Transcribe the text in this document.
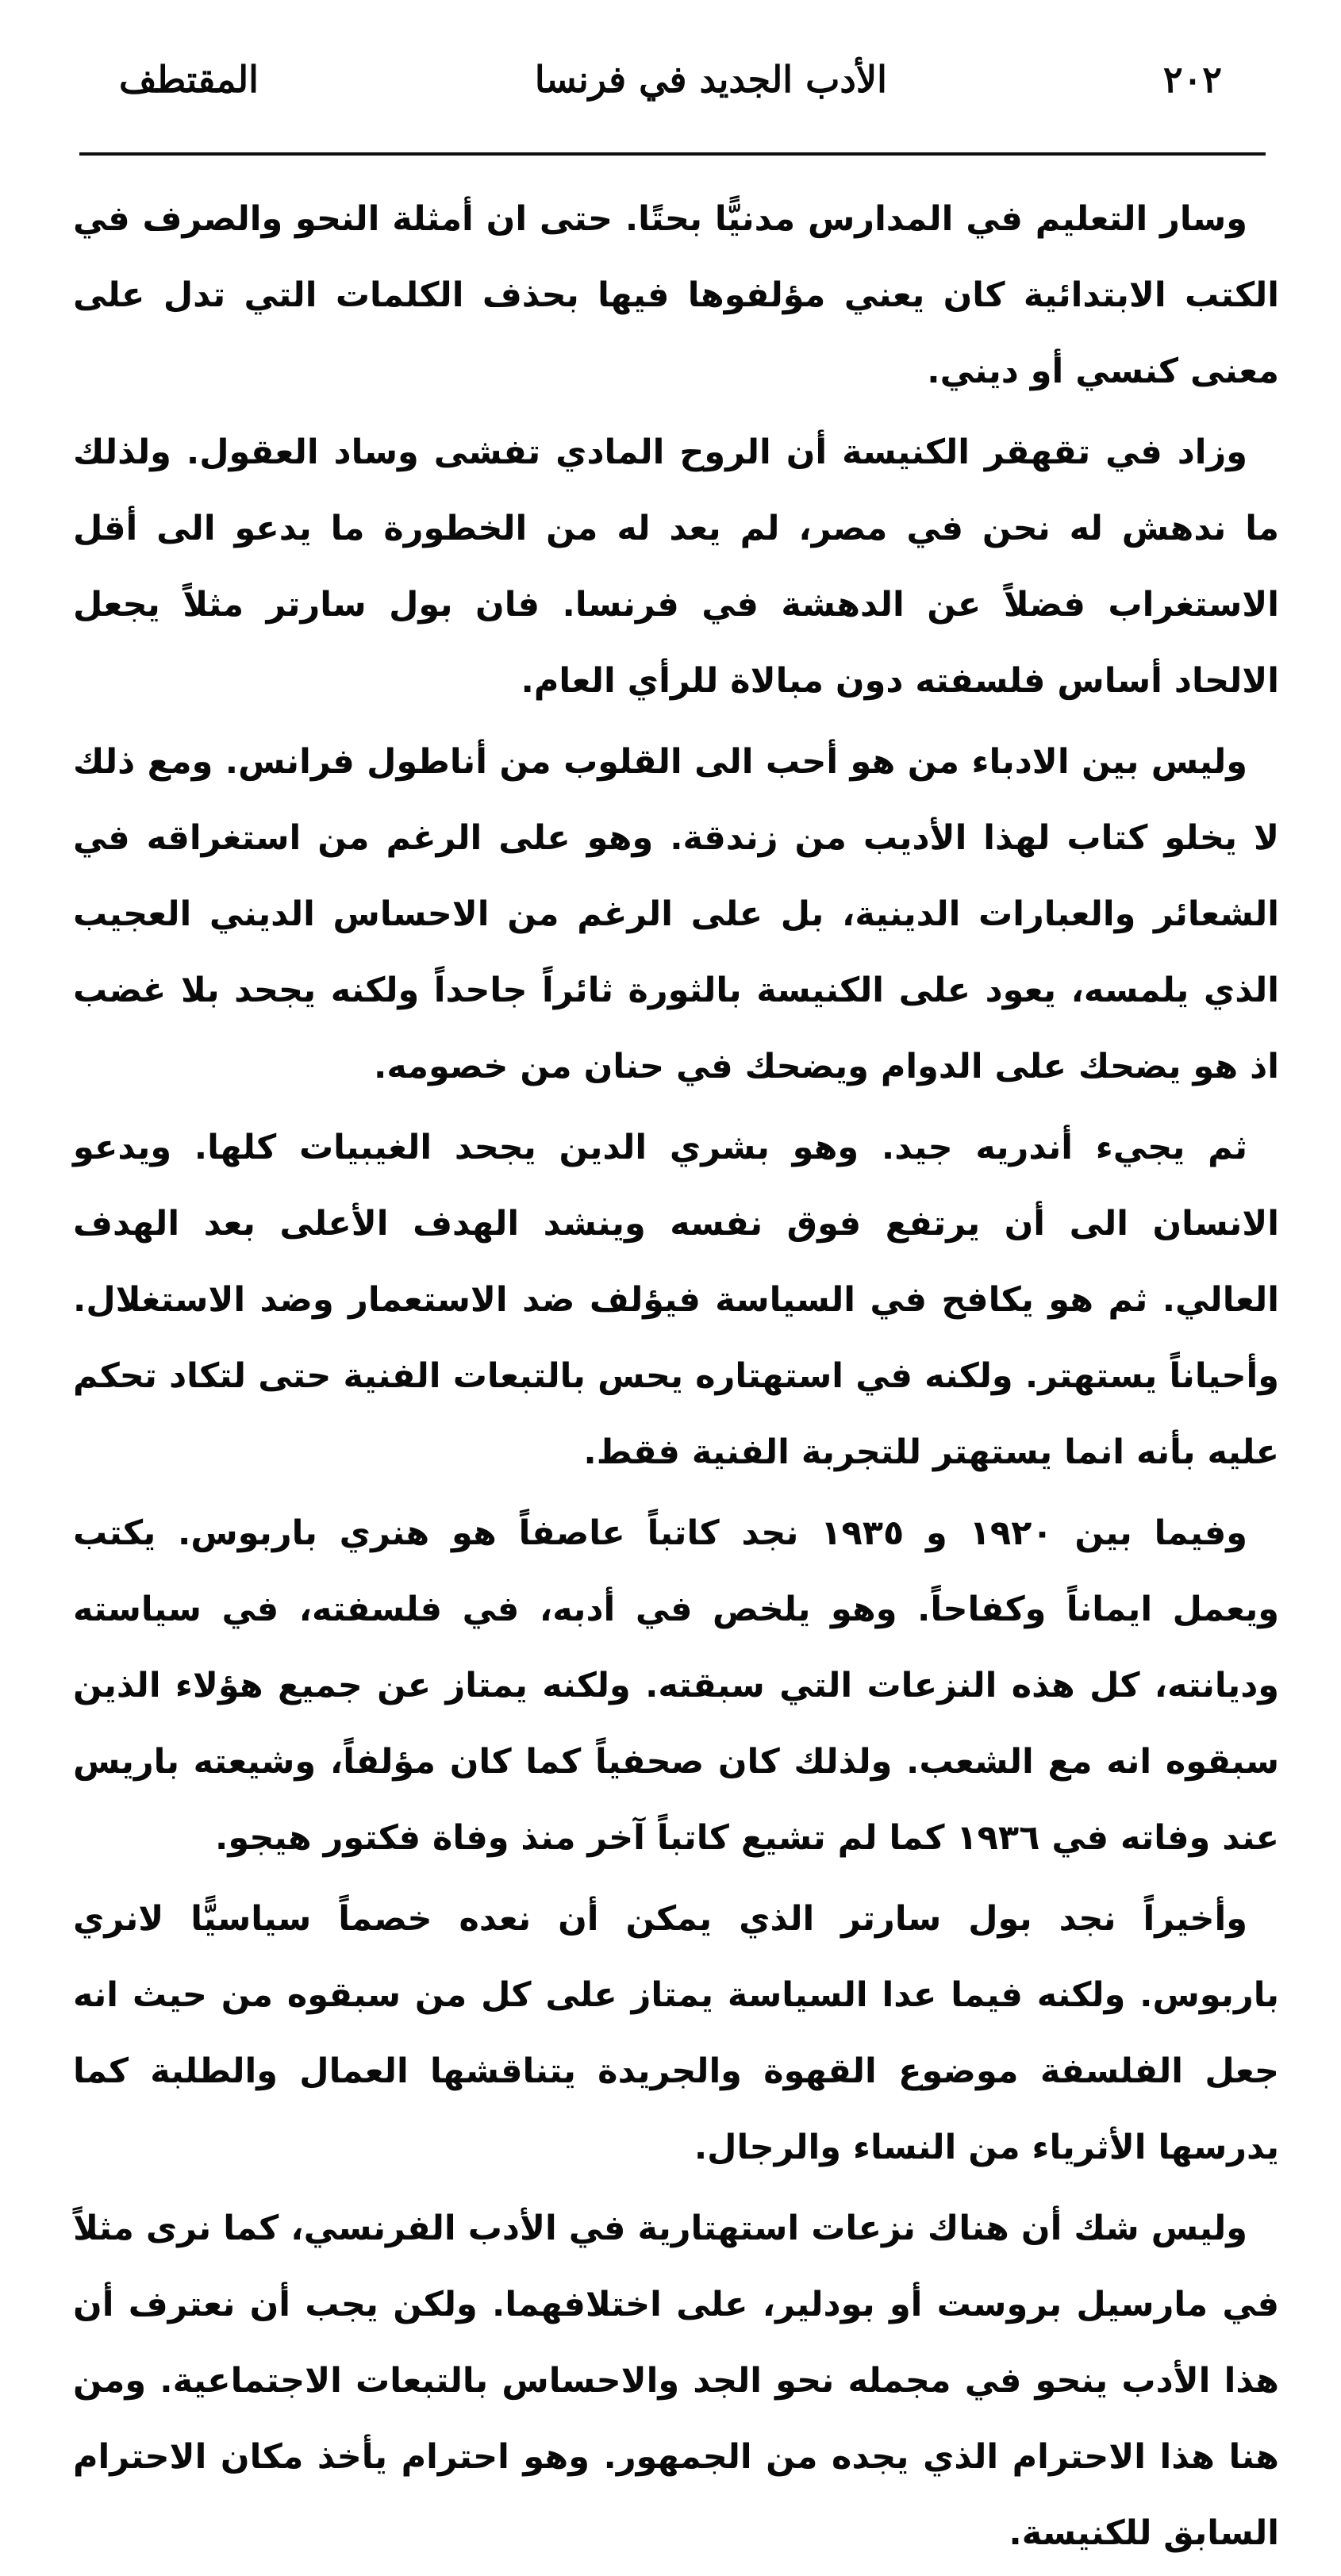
٢٠٢
الأدب الجديد في فرنسا
المقتطف

وسار التعليم في المدارس مدنيًّا بحتًا. حتى ان أمثلة النحو والصرف في الكتب الابتدائية كان يعني مؤلفوها فيها بحذف الكلمات التي تدل على معنى كنسي أو ديني.

وزاد في تقهقر الكنيسة أن الروح المادي تفشى وساد العقول. ولذلك ما ندهش له نحن في مصر، لم يعد له من الخطورة ما يدعو الى أقل الاستغراب فضلاً عن الدهشة في فرنسا. فان بول سارتر مثلاً يجعل الالحاد أساس فلسفته دون مبالاة للرأي العام.

وليس بين الادباء من هو أحب الى القلوب من أناطول فرانس. ومع ذلك لا يخلو كتاب لهذا الأديب من زندقة. وهو على الرغم من استغراقه في الشعائر والعبارات الدينية، بل على الرغم من الاحساس الديني العجيب الذي يلمسه، يعود على الكنيسة بالثورة ثائراً جاحداً ولكنه يجحد بلا غضب اذ هو يضحك على الدوام ويضحك في حنان من خصومه.

ثم يجيء أندريه جيد. وهو بشري الدين يجحد الغيبيات كلها. ويدعو الانسان الى أن يرتفع فوق نفسه وينشد الهدف الأعلى بعد الهدف العالي. ثم هو يكافح في السياسة فيؤلف ضد الاستعمار وضد الاستغلال. وأحياناً يستهتر. ولكنه في استهتاره يحس بالتبعات الفنية حتى لتكاد تحكم عليه بأنه انما يستهتر للتجربة الفنية فقط.

وفيما بين ١٩٢٠ و ١٩٣٥ نجد كاتباً عاصفاً هو هنري باربوس. يكتب ويعمل ايماناً وكفاحاً. وهو يلخص في أدبه، في فلسفته، في سياسته وديانته، كل هذه النزعات التي سبقته. ولكنه يمتاز عن جميع هؤلاء الذين سبقوه انه مع الشعب. ولذلك كان صحفياً كما كان مؤلفاً، وشيعته باريس عند وفاته في ١٩٣٦ كما لم تشيع كاتباً آخر منذ وفاة فكتور هيجو.

وأخيراً نجد بول سارتر الذي يمكن أن نعده خصماً سياسيًّا لانري باربوس. ولكنه فيما عدا السياسة يمتاز على كل من سبقوه من حيث انه جعل الفلسفة موضوع القهوة والجريدة يتناقشها العمال والطلبة كما يدرسها الأثرياء من النساء والرجال.

وليس شك أن هناك نزعات استهتارية في الأدب الفرنسي، كما نرى مثلاً في مارسيل بروست أو بودلير، على اختلافهما. ولكن يجب أن نعترف أن هذا الأدب ينحو في مجمله نحو الجد والاحساس بالتبعات الاجتماعية. ومن هنا هذا الاحترام الذي يجده من الجمهور. وهو احترام يأخذ مكان الاحترام السابق للكنيسة.
